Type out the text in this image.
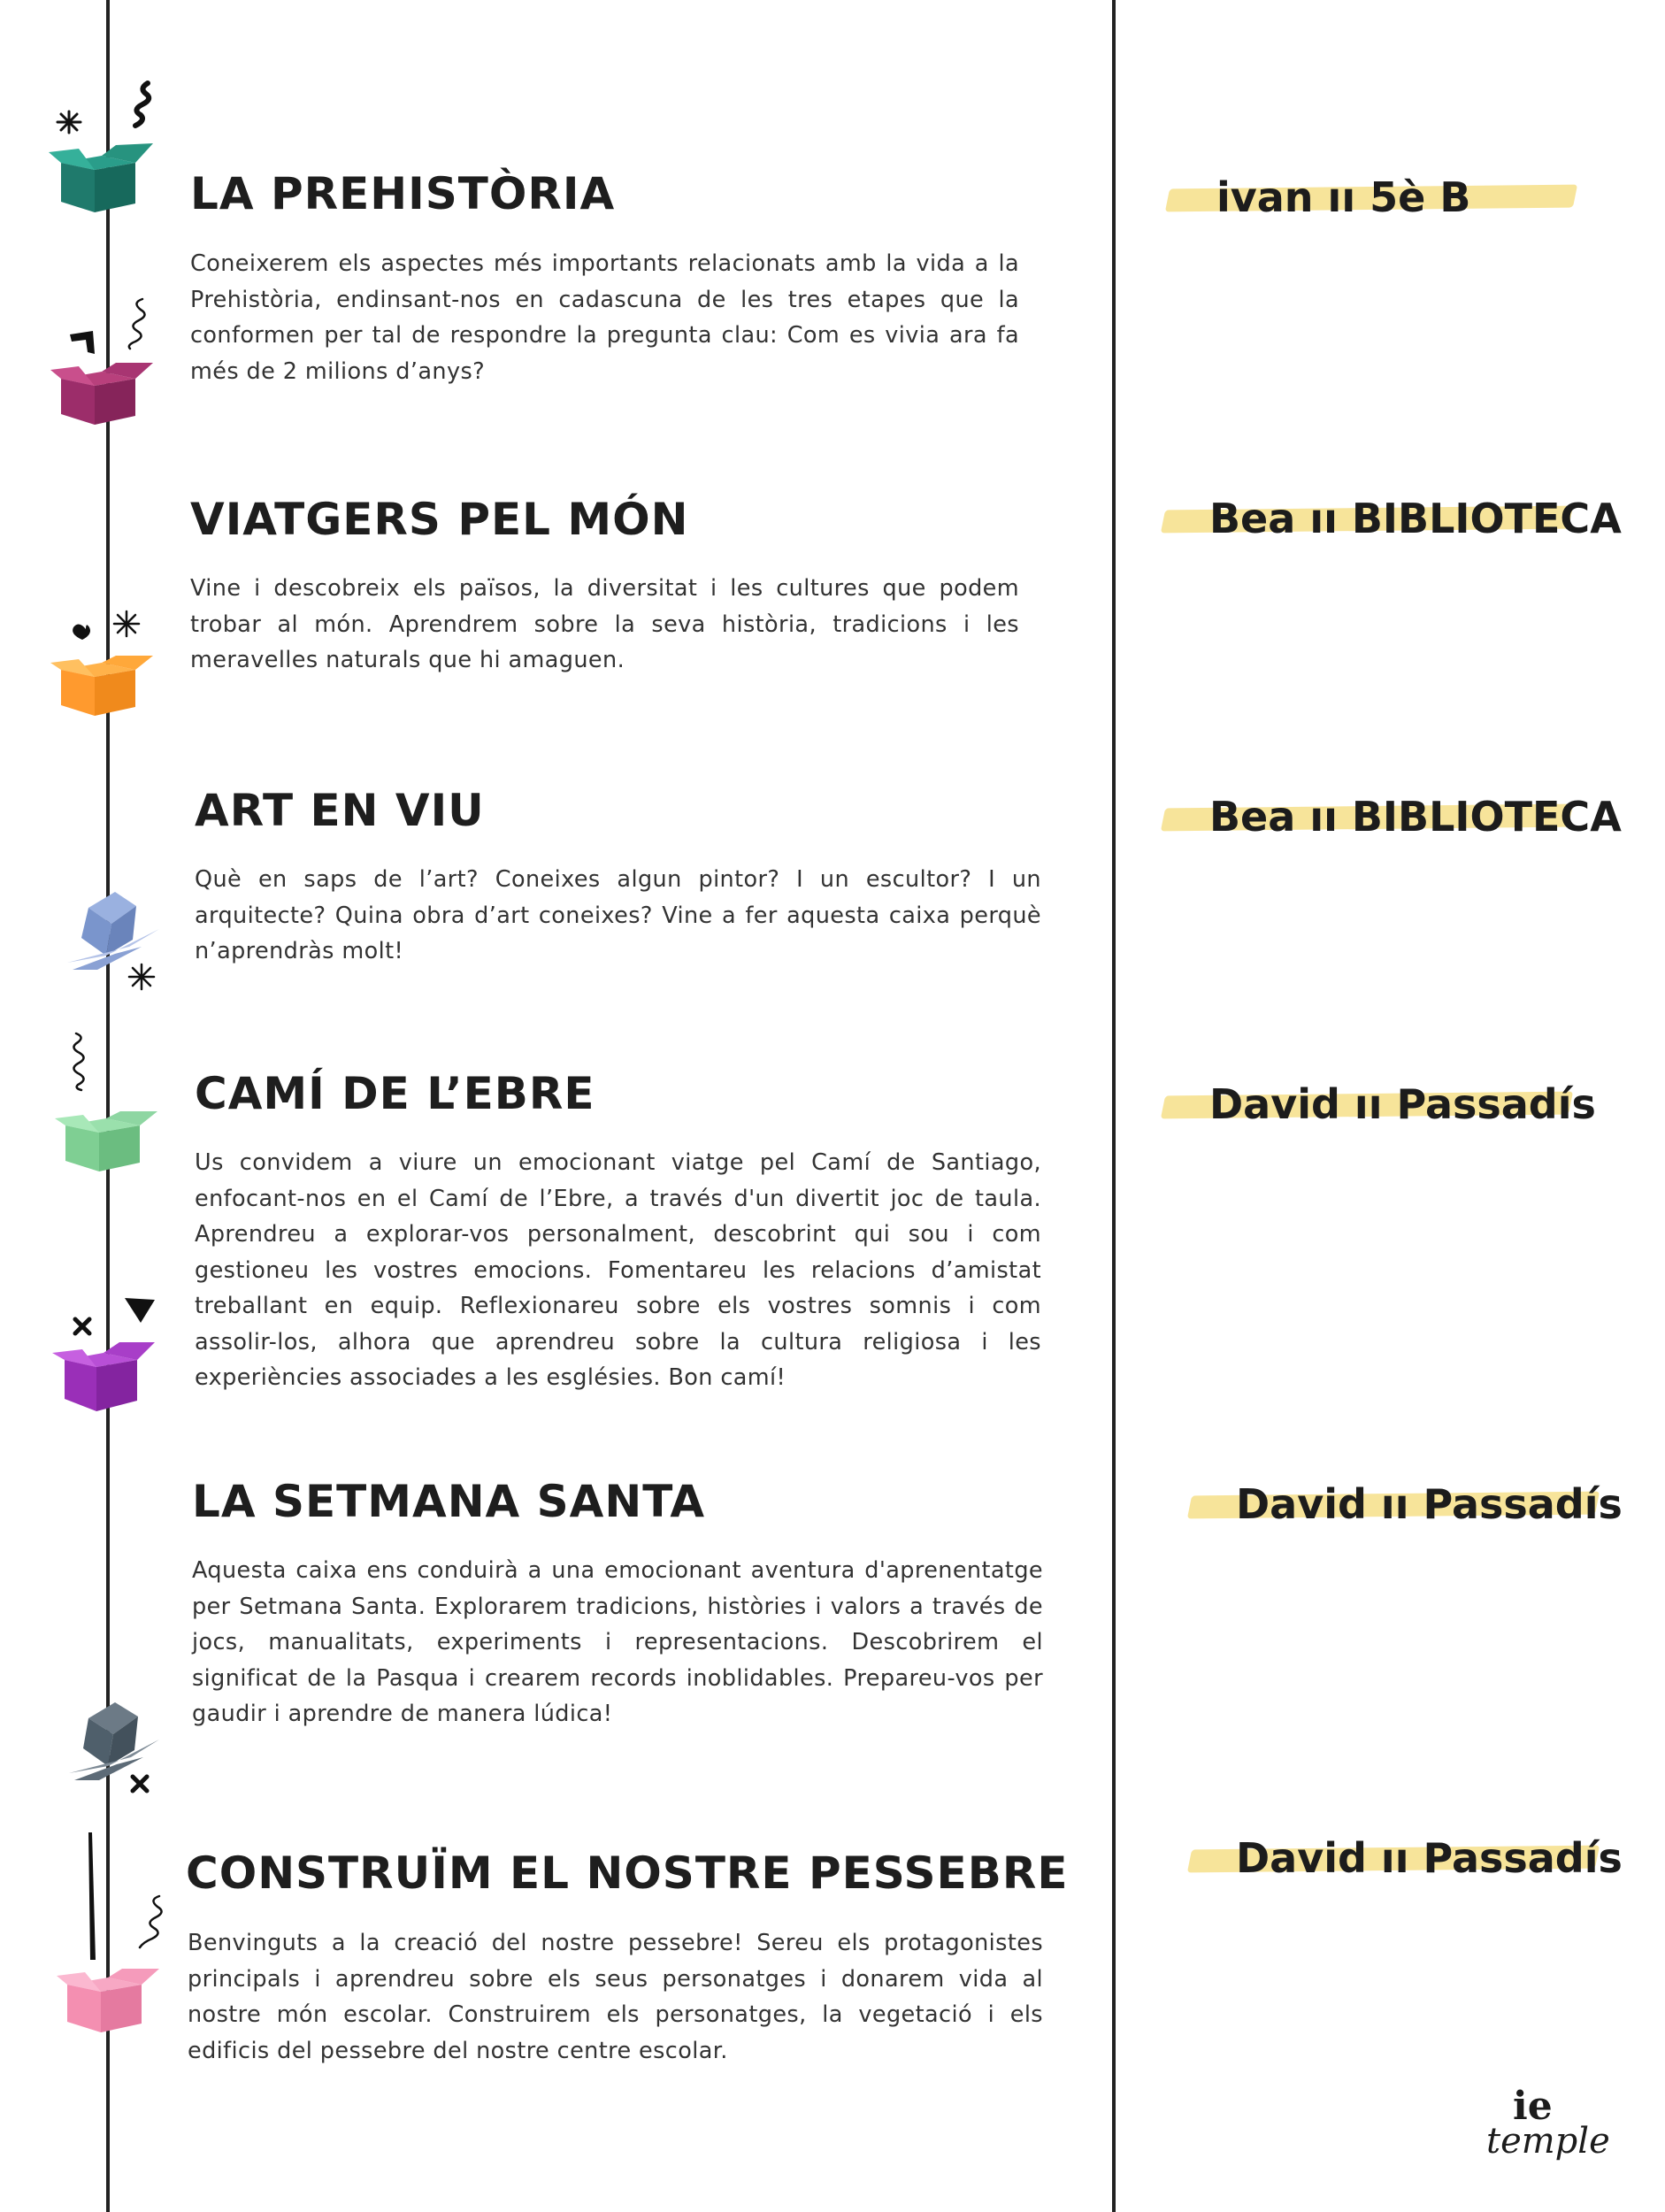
LA PREHISTÒRIA

Coneixerem els aspectes més importants relacionats amb la vida a la Prehistòria, endinsant-nos en cadascuna de les tres etapes que la conformen per tal de respondre la pregunta clau: Com es vivia ara fa més de 2 milions d’anys?

ivan ıı 5è B
VIATGERS PEL MÓN

Vine i descobreix els països, la diversitat i les cultures que podem trobar al món. Aprendrem sobre la seva història, tradicions i les meravelles naturals que hi amaguen.

Bea ıı BIBLIOTECA
ART EN VIU

Què en saps de l’art? Coneixes algun pintor? I un escultor? I un arquitecte? Quina obra d’art coneixes? Vine a fer aquesta caixa perquè n’aprendràs molt!

Bea ıı BIBLIOTECA
CAMÍ DE L’EBRE

Us convidem a viure un emocionant viatge pel Camí de Santiago, enfocant-nos en el Camí de l’Ebre, a través d'un divertit joc de taula. Aprendreu a explorar-vos personalment, descobrint qui sou i com gestioneu les vostres emocions. Fomentareu les relacions d’amistat treballant en equip. Reflexionareu sobre els vostres somnis i com assolir-los, alhora que aprendreu sobre la cultura religiosa i les experiències associades a les esglésies. Bon camí!

David ıı Passadís
LA SETMANA SANTA

Aquesta caixa ens conduirà a una emocionant aventura d'aprenentatge per Setmana Santa. Explorarem tradicions, històries i valors a través de jocs, manualitats, experiments i representacions. Descobrirem el significat de la Pasqua i crearem records inoblidables. Prepareu-vos per gaudir i aprendre de manera lúdica!

David ıı Passadís
CONSTRUÏM EL NOSTRE PESSEBRE

Benvinguts a la creació del nostre pessebre! Sereu els protagonistes principals i aprendreu sobre els seus personatges i donarem vida al nostre món escolar. Construirem els personatges, la vegetació i els edificis del pessebre del nostre centre escolar.

David ıı Passadís
ie
temple
